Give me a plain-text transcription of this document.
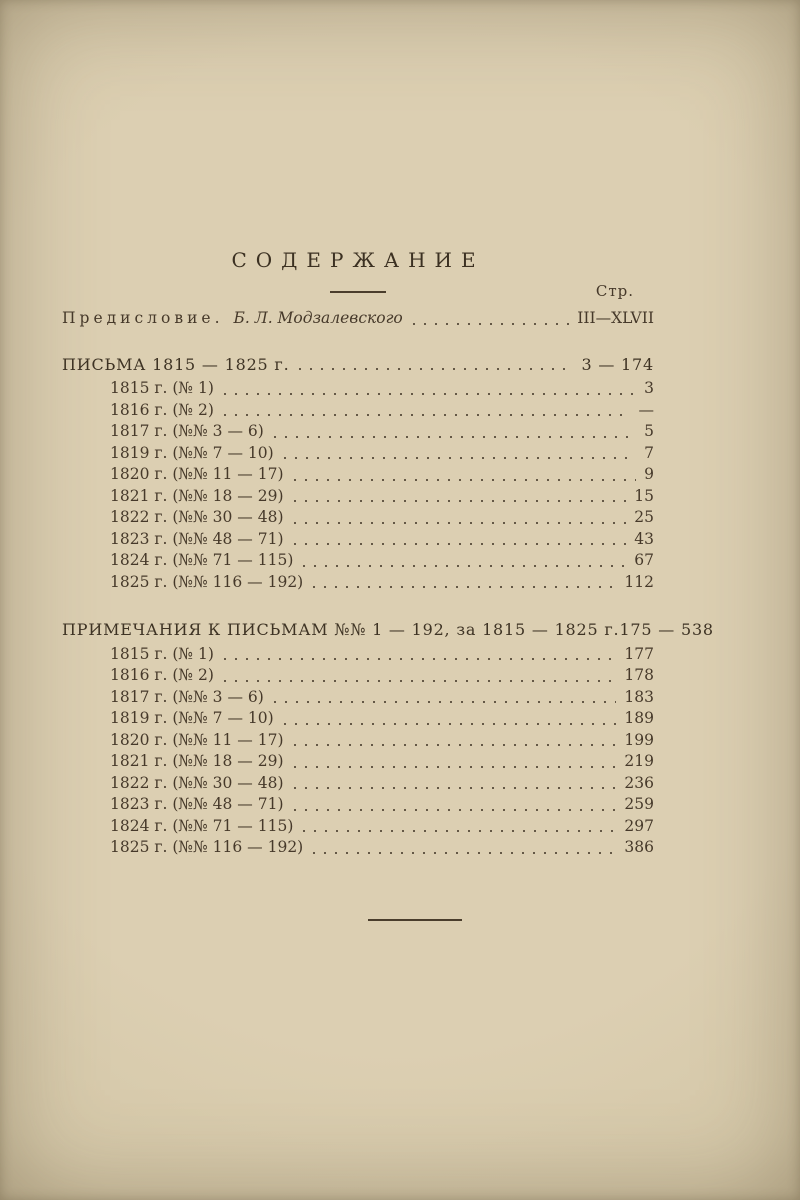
СОДЕРЖАНИЕ
Стр.
Предисловие. Б. Л. Модзалевского	III—XLVII
ПИСЬМА 1815 — 1825 г.	3 — 174
1815 г. (№ 1)	3
1816 г. (№ 2)	—
1817 г. (№№ 3 — 6)	5
1819 г. (№№ 7 — 10)	7
1820 г. (№№ 11 — 17)	9
1821 г. (№№ 18 — 29)	15
1822 г. (№№ 30 — 48)	25
1823 г. (№№ 48 — 71)	43
1824 г. (№№ 71 — 115)	67
1825 г. (№№ 116 — 192)	112
ПРИМЕЧАНИЯ К ПИСЬМАМ №№ 1 — 192, за 1815 — 1825 г. 175 — 538
1815 г. (№ 1)	177
1816 г. (№ 2)	178
1817 г. (№№ 3 — 6)	183
1819 г. (№№ 7 — 10)	189
1820 г. (№№ 11 — 17)	199
1821 г. (№№ 18 — 29)	219
1822 г. (№№ 30 — 48)	236
1823 г. (№№ 48 — 71)	259
1824 г. (№№ 71 — 115)	297
1825 г. (№№ 116 — 192)	386
